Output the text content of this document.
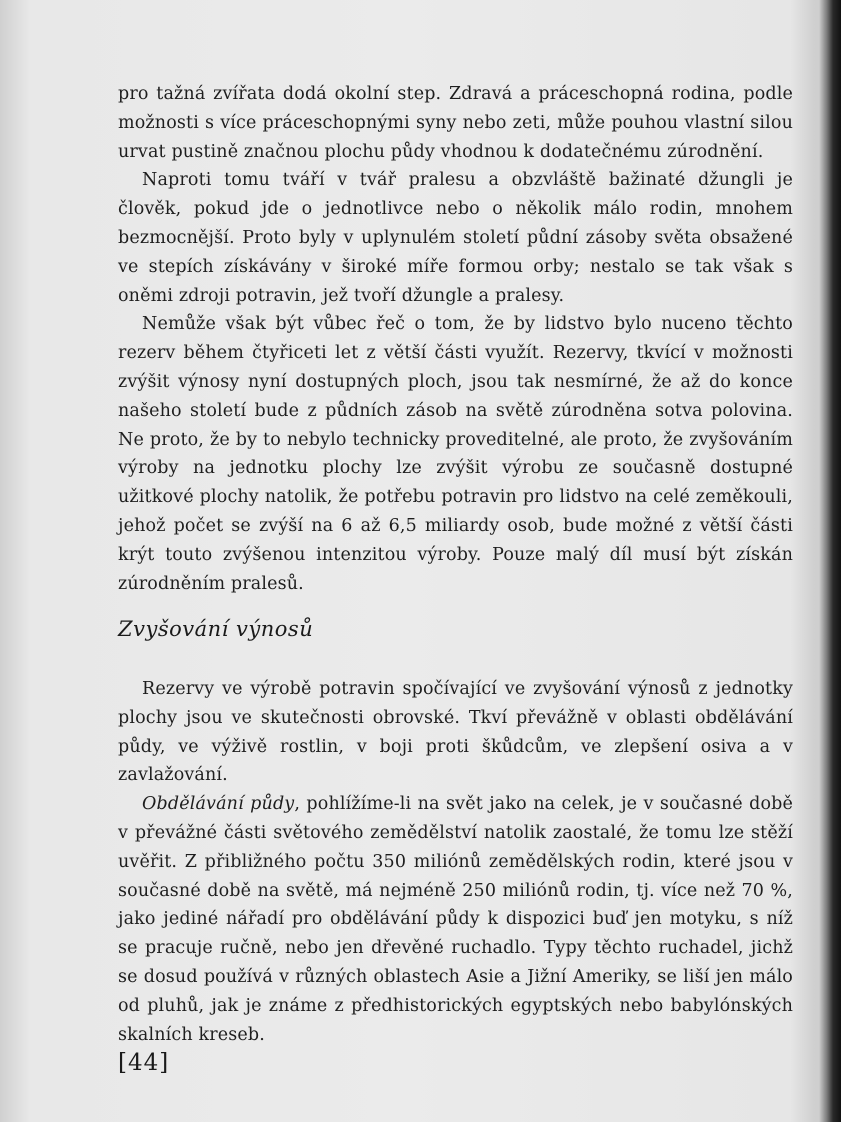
pro tažná zvířata dodá okolní step. Zdravá a práceschopná rodina, podle možnosti s více práceschopnými syny nebo zeti, může pouhou vlastní silou urvat pustině značnou plochu půdy vhodnou k dodatečnému zúrodnění.

Naproti tomu tváří v tvář pralesu a obzvláště bažinaté džungli je člověk, pokud jde o jednotlivce nebo o několik málo rodin, mnohem bezmocnější. Proto byly v uplynulém století půdní zásoby světa obsažené ve stepích získávány v široké míře formou orby; nestalo se tak však s oněmi zdroji potravin, jež tvoří džungle a pralesy.

Nemůže však být vůbec řeč o tom, že by lidstvo bylo nuceno těchto rezerv během čtyřiceti let z větší části využít. Rezervy, tkvící v možnosti zvýšit výnosy nyní dostupných ploch, jsou tak nesmírné, že až do konce našeho století bude z půdních zásob na světě zúrodněna sotva polovina. Ne proto, že by to nebylo technicky proveditelné, ale proto, že zvyšováním výroby na jednotku plochy lze zvýšit výrobu ze současně dostupné užitkové plochy natolik, že potřebu potravin pro lidstvo na celé zeměkouli, jehož počet se zvýší na 6 až 6,5 miliardy osob, bude možné z větší části krýt touto zvýšenou intenzitou výroby. Pouze malý díl musí být získán zúrodněním pralesů.

Zvyšování výnosů

Rezervy ve výrobě potravin spočívající ve zvyšování výnosů z jednotky plochy jsou ve skutečnosti obrovské. Tkví převážně v oblasti obdělávání půdy, ve výživě rostlin, v boji proti škůdcům, ve zlepšení osiva a v zavlažování.

Obdělávání půdy, pohlížíme-li na svět jako na celek, je v současné době v převážné části světového zemědělství natolik zaostalé, že tomu lze stěží uvěřit. Z přibližného počtu 350 miliónů zemědělských rodin, které jsou v současné době na světě, má nejméně 250 miliónů rodin, tj. více než 70 %, jako jediné nářadí pro obdělávání půdy k dispozici buď jen motyku, s níž se pracuje ručně, nebo jen dřevěné ruchadlo. Typy těchto ruchadel, jichž se dosud používá v různých oblastech Asie a Jižní Ameriky, se liší jen málo od pluhů, jak je známe z předhistorických egyptských nebo babylónských skalních kreseb.

[44]
